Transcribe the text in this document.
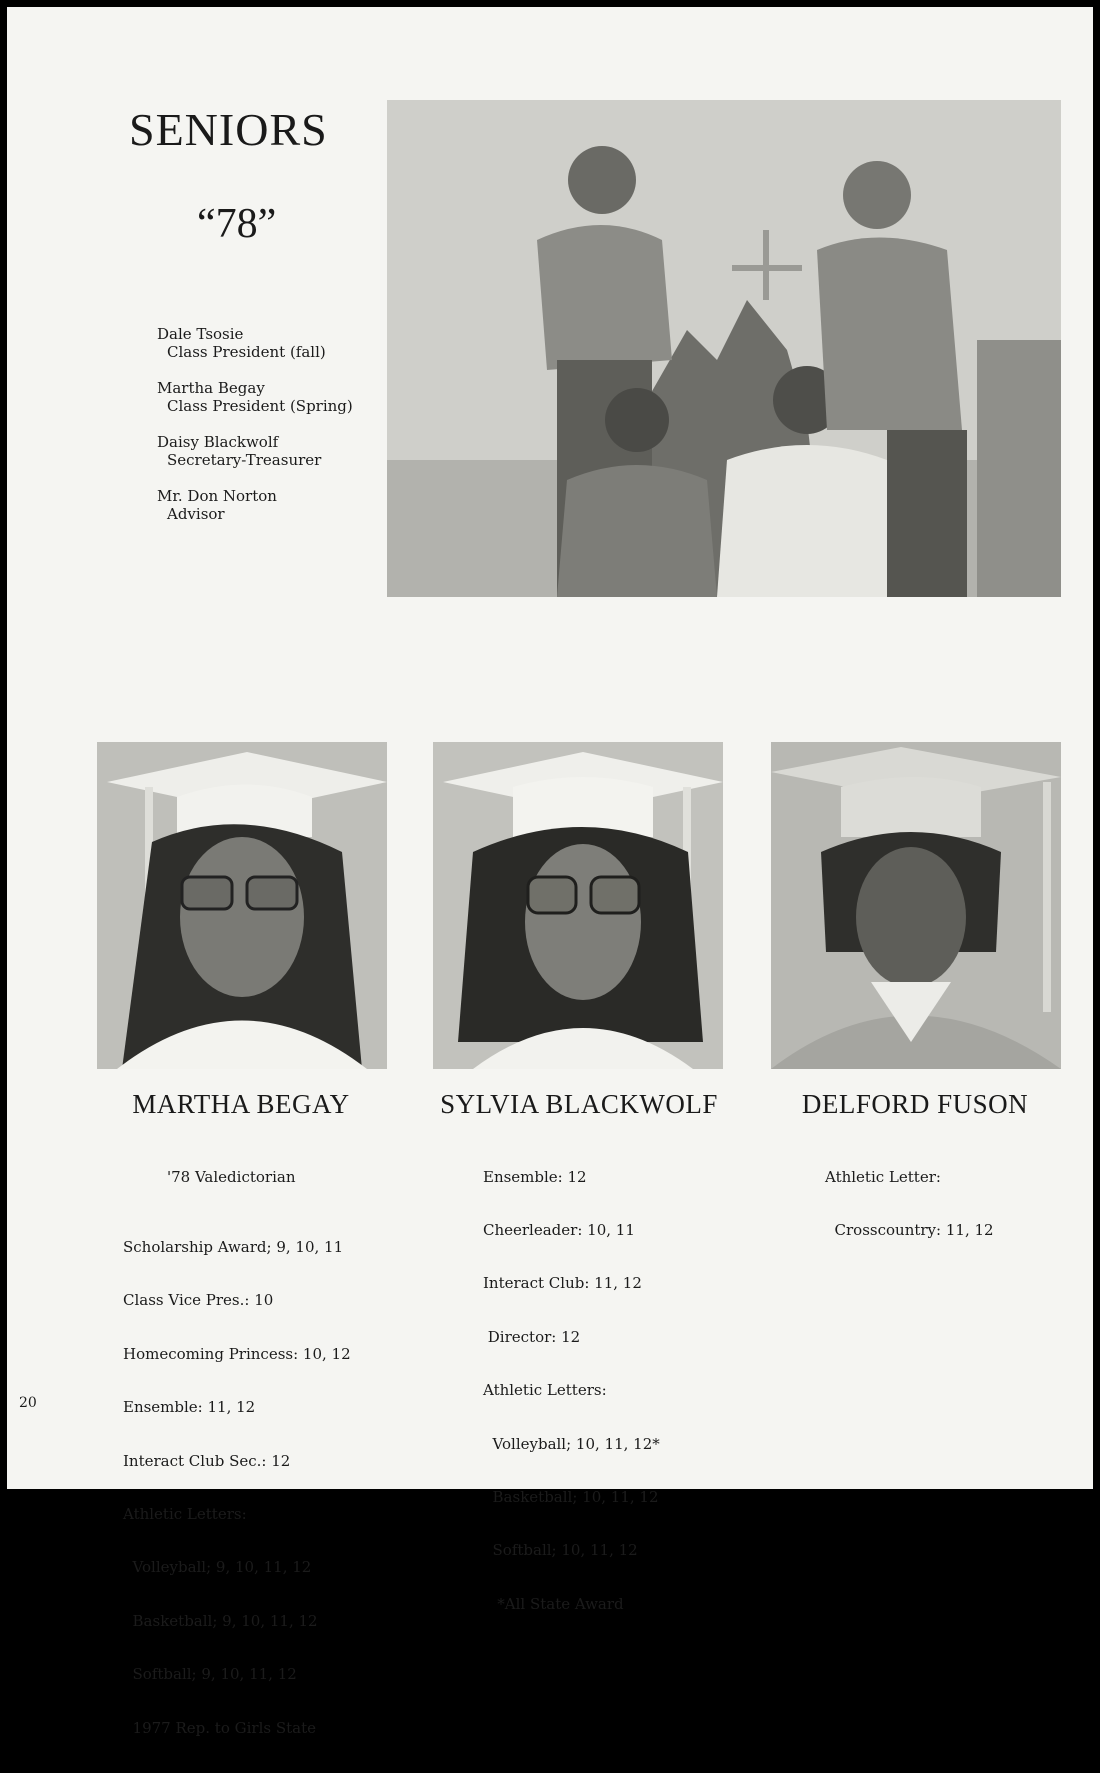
SENIORS
“78”
Dale Tsosie
Class President (fall)
Martha Begay
Class President (Spring)
Daisy Blackwolf
Secretary-Treasurer
Mr. Don Norton
Advisor
MARTHA BEGAY	SYLVIA BLACKWOLF	DELFORD FUSON

'78 Valedictorian

Scholarship Award; 9, 10, 11

Class Vice Pres.: 10

Homecoming Princess: 10, 12

Ensemble: 11, 12

Interact Club Sec.: 12

Athletic Letters:

Volleyball; 9, 10, 11, 12

Basketball; 9, 10, 11, 12

Softball; 9, 10, 11, 12

1977 Rep. to Girls State

Ensemble: 12

Cheerleader: 10, 11

Interact Club: 11, 12

Director: 12

Athletic Letters:

Volleyball; 10, 11, 12*

Basketball; 10, 11, 12

Softball; 10, 11, 12

*All State Award

Athletic Letter:

Crosscountry: 11, 12

20
